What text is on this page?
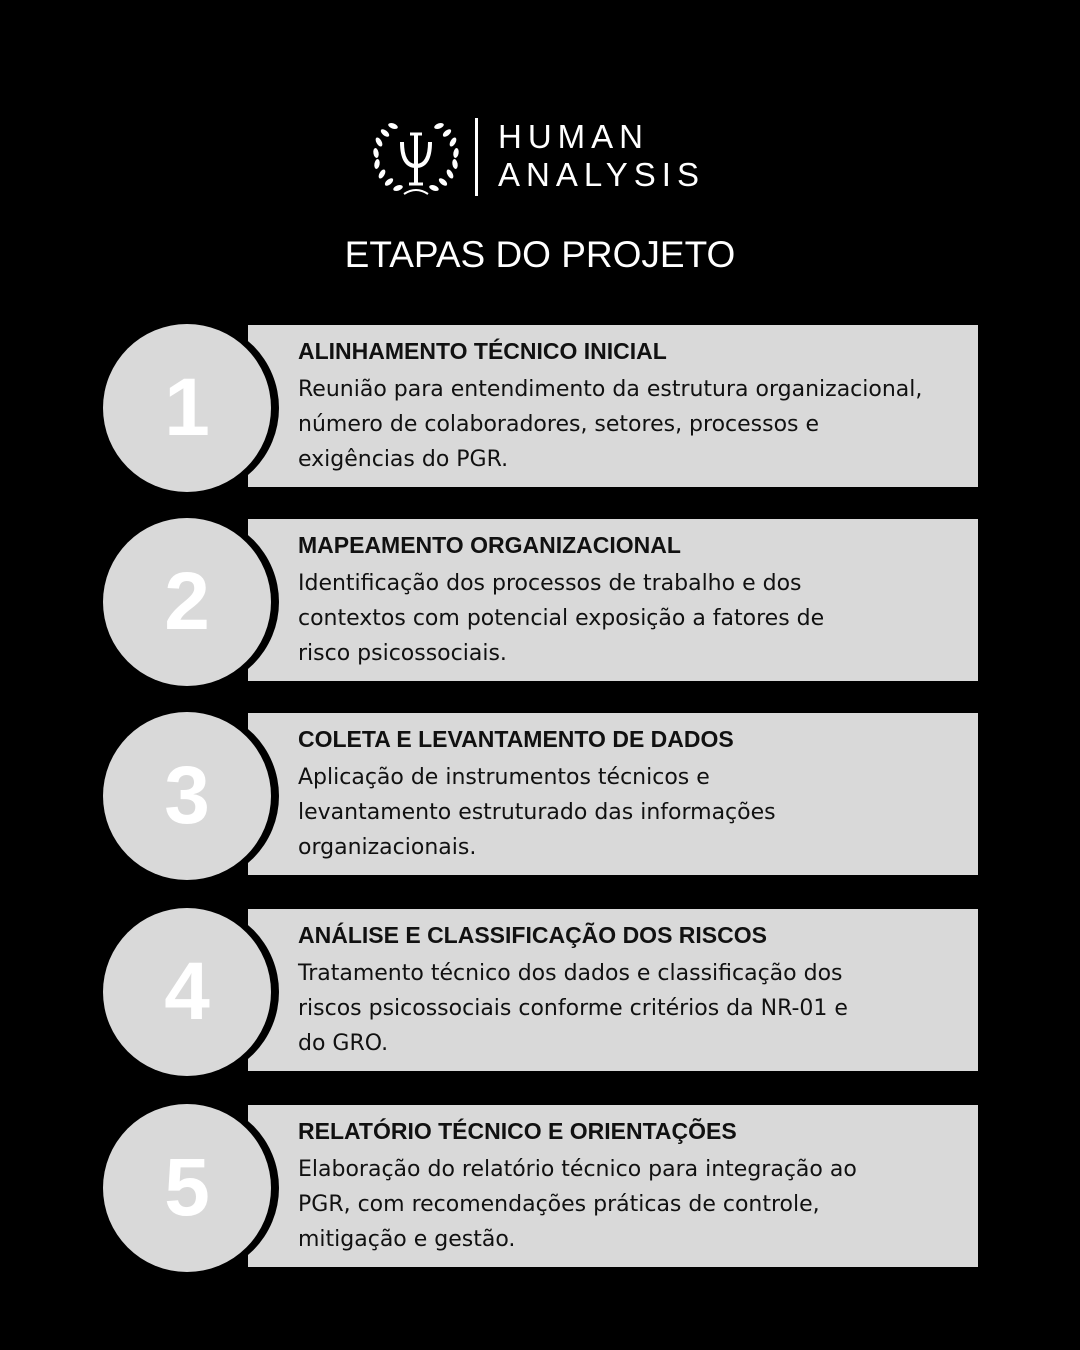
HUMAN
ANALYSIS
ETAPAS DO PROJETO
1
ALINHAMENTO TÉCNICO INICIAL
Reunião para entendimento da estrutura organizacional,
número de colaboradores, setores, processos e
exigências do PGR.
2
MAPEAMENTO ORGANIZACIONAL
Identificação dos processos de trabalho e dos
contextos com potencial exposição a fatores de
risco psicossociais.
3
COLETA E LEVANTAMENTO DE DADOS
Aplicação de instrumentos técnicos e
levantamento estruturado das informações
organizacionais.
4
ANÁLISE E CLASSIFICAÇÃO DOS RISCOS
Tratamento técnico dos dados e classificação dos
riscos psicossociais conforme critérios da NR-01 e
do GRO.
5
RELATÓRIO TÉCNICO E ORIENTAÇÕES
Elaboração do relatório técnico para integração ao
PGR, com recomendações práticas de controle,
mitigação e gestão.
